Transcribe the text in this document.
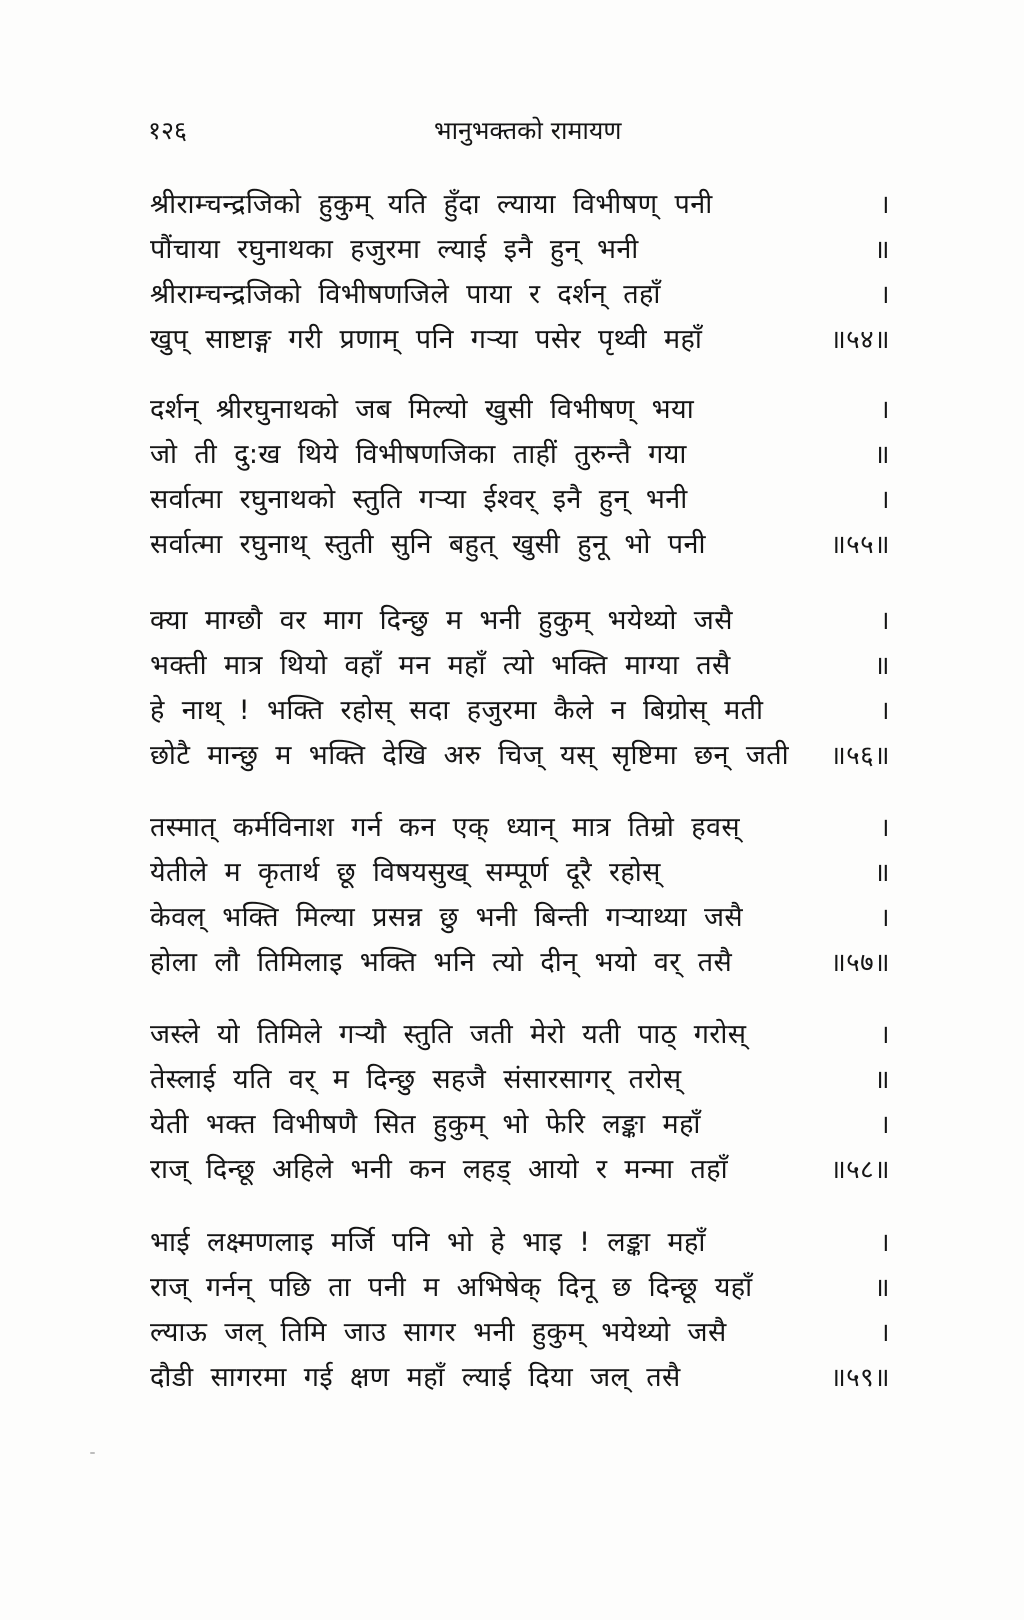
१२६	भानुभक्तको रामायण
श्रीराम्चन्द्रजिको हुकुम् यति हुँदा ल्याया विभीषण् पनी	।
पौंचाया रघुनाथका हजुरमा ल्याई इनै हुन् भनी	॥
श्रीराम्चन्द्रजिको विभीषणजिले पाया र दर्शन् तहाँ	।
खुप् साष्टाङ्ग गरी प्रणाम् पनि गऱ्या पसेर पृथ्वी महाँ	॥५४॥
दर्शन् श्रीरघुनाथको जब मिल्यो खुसी विभीषण् भया	।
जो ती दु:ख थिये विभीषणजिका ताहीं तुरुन्तै गया	॥
सर्वात्मा रघुनाथको स्तुति गऱ्या ईश्वर् इनै हुन् भनी	।
सर्वात्मा रघुनाथ् स्तुती सुनि बहुत् खुसी हुनू भो पनी	॥५५॥
क्या माग्छौ वर माग दिन्छु म भनी हुकुम् भयेथ्यो जसै	।
भक्ती मात्र थियो वहाँ मन महाँ त्यो भक्ति माग्या तसै	॥
हे नाथ् ! भक्ति रहोस् सदा हजुरमा कैले न बिग्रोस् मती	।
छोटै मान्छु म भक्ति देखि अरु चिज् यस् सृष्टिमा छन् जती	॥५६॥
तस्मात् कर्मविनाश गर्न कन एक् ध्यान् मात्र तिम्रो हवस्	।
येतीले म कृतार्थ छू विषयसुख् सम्पूर्ण दूरै रहोस्	॥
केवल् भक्ति मिल्या प्रसन्न छु भनी बिन्ती गऱ्याथ्या जसै	।
होला लौ तिमिलाइ भक्ति भनि त्यो दीन् भयो वर् तसै	॥५७॥
जस्ले यो तिमिले गऱ्यौ स्तुति जती मेरो यती पाठ् गरोस्	।
तेस्लाई यति वर् म दिन्छु सहजै संसारसागर् तरोस्	॥
येती भक्त विभीषणै सित हुकुम् भो फेरि लङ्का महाँ	।
राज् दिन्छू अहिले भनी कन लहड् आयो र मन्मा तहाँ	॥५८॥
भाई लक्ष्मणलाइ मर्जि पनि भो हे भाइ ! लङ्का महाँ	।
राज् गर्नन् पछि ता पनी म अभिषेक् दिनू छ दिन्छू यहाँ	॥
ल्याऊ जल् तिमि जाउ सागर भनी हुकुम् भयेथ्यो जसै	।
दौडी सागरमा गई क्षण महाँ ल्याई दिया जल् तसै	॥५९॥
